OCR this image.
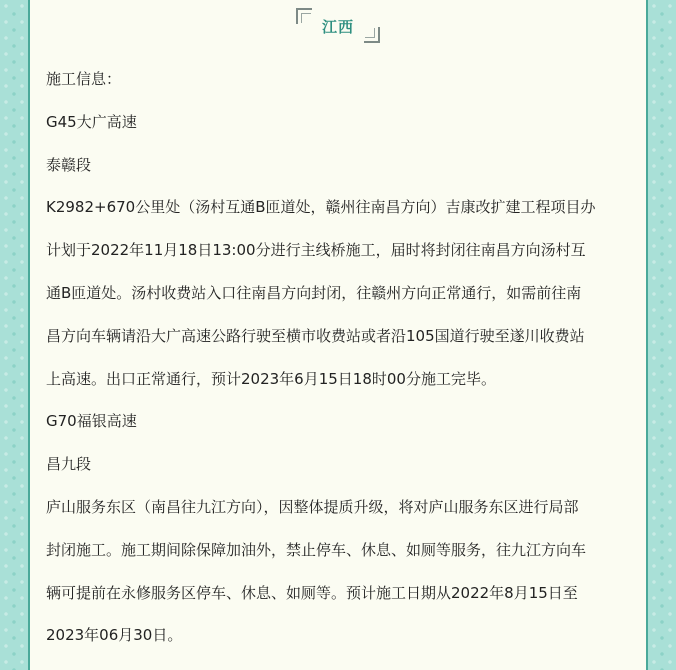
江西
施工信息：
G45大广高速
泰赣段
K2982+670公里处（汤村互通B匝道处，赣州往南昌方向）吉康改扩建工程项目办
计划于2022年11月18日13:00分进行主线桥施工，届时将封闭往南昌方向汤村互
通B匝道处。汤村收费站入口往南昌方向封闭，往赣州方向正常通行，如需前往南
昌方向车辆请沿大广高速公路行驶至横市收费站或者沿105国道行驶至遂川收费站
上高速。出口正常通行，预计2023年6月15日18时00分施工完毕。
G70福银高速
昌九段
庐山服务东区（南昌往九江方向），因整体提质升级，将对庐山服务东区进行局部
封闭施工。施工期间除保障加油外，禁止停车、休息、如厕等服务，往九江方向车
辆可提前在永修服务区停车、休息、如厕等。预计施工日期从2022年8月15日至
2023年06月30日。
